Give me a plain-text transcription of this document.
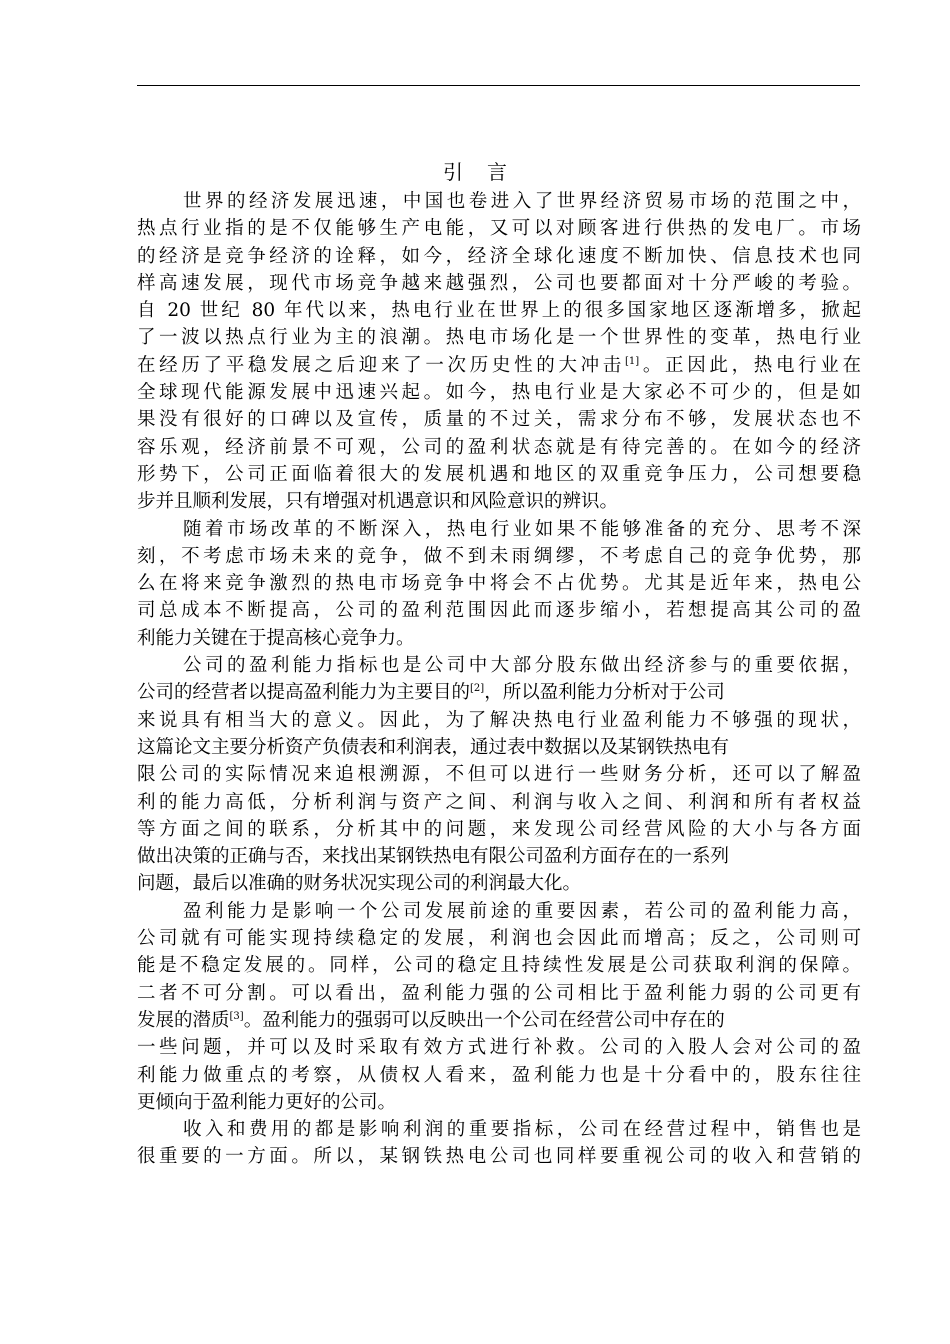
引言

世界的经济发展迅速，中国也卷进入了世界经济贸易市场的范围之中，
热点行业指的是不仅能够生产电能，又可以对顾客进行供热的发电厂。市场
的经济是竞争经济的诠释，如今，经济全球化速度不断加快、信息技术也同
样高速发展，现代市场竞争越来越强烈，公司也要都面对十分严峻的考验。
自 20 世纪 80 年代以来，热电行业在世界上的很多国家地区逐渐增多，掀起
了一波以热点行业为主的浪潮。热电市场化是一个世界性的变革，热电行业
在经历了平稳发展之后迎来了一次历史性的大冲击[1]。正因此，热电行业在
全球现代能源发展中迅速兴起。如今，热电行业是大家必不可少的，但是如
果没有很好的口碑以及宣传，质量的不过关，需求分布不够，发展状态也不
容乐观，经济前景不可观，公司的盈利状态就是有待完善的。在如今的经济
形势下，公司正面临着很大的发展机遇和地区的双重竞争压力，公司想要稳
步并且顺利发展，只有增强对机遇意识和风险意识的辨识。

随着市场改革的不断深入，热电行业如果不能够准备的充分、思考不深
刻，不考虑市场未来的竞争，做不到未雨绸缪，不考虑自己的竞争优势，那
么在将来竞争激烈的热电市场竞争中将会不占优势。尤其是近年来，热电公
司总成本不断提高，公司的盈利范围因此而逐步缩小，若想提高其公司的盈
利能力关键在于提高核心竞争力。

公司的盈利能力指标也是公司中大部分股东做出经济参与的重要依据，
公司的经营者以提高盈利能力为主要目的[2]，所以盈利能力分析对于公司
来说具有相当大的意义。因此，为了解决热电行业盈利能力不够强的现状，
这篇论文主要分析资产负债表和利润表，通过表中数据以及某钢铁热电有
限公司的实际情况来追根溯源，不但可以进行一些财务分析，还可以了解盈
利的能力高低，分析利润与资产之间、利润与收入之间、利润和所有者权益
等方面之间的联系，分析其中的问题，来发现公司经营风险的大小与各方面
做出决策的正确与否，来找出某钢铁热电有限公司盈利方面存在的一系列
问题，最后以准确的财务状况实现公司的利润最大化。

盈利能力是影响一个公司发展前途的重要因素，若公司的盈利能力高，
公司就有可能实现持续稳定的发展，利润也会因此而增高；反之，公司则可
能是不稳定发展的。同样，公司的稳定且持续性发展是公司获取利润的保障。
二者不可分割。可以看出，盈利能力强的公司相比于盈利能力弱的公司更有
发展的潜质[3]。盈利能力的强弱可以反映出一个公司在经营公司中存在的
一些问题，并可以及时采取有效方式进行补救。公司的入股人会对公司的盈
利能力做重点的考察，从债权人看来，盈利能力也是十分看中的，股东往往
更倾向于盈利能力更好的公司。

收入和费用的都是影响利润的重要指标，公司在经营过程中，销售也是
很重要的一方面。所以，某钢铁热电公司也同样要重视公司的收入和营销的
